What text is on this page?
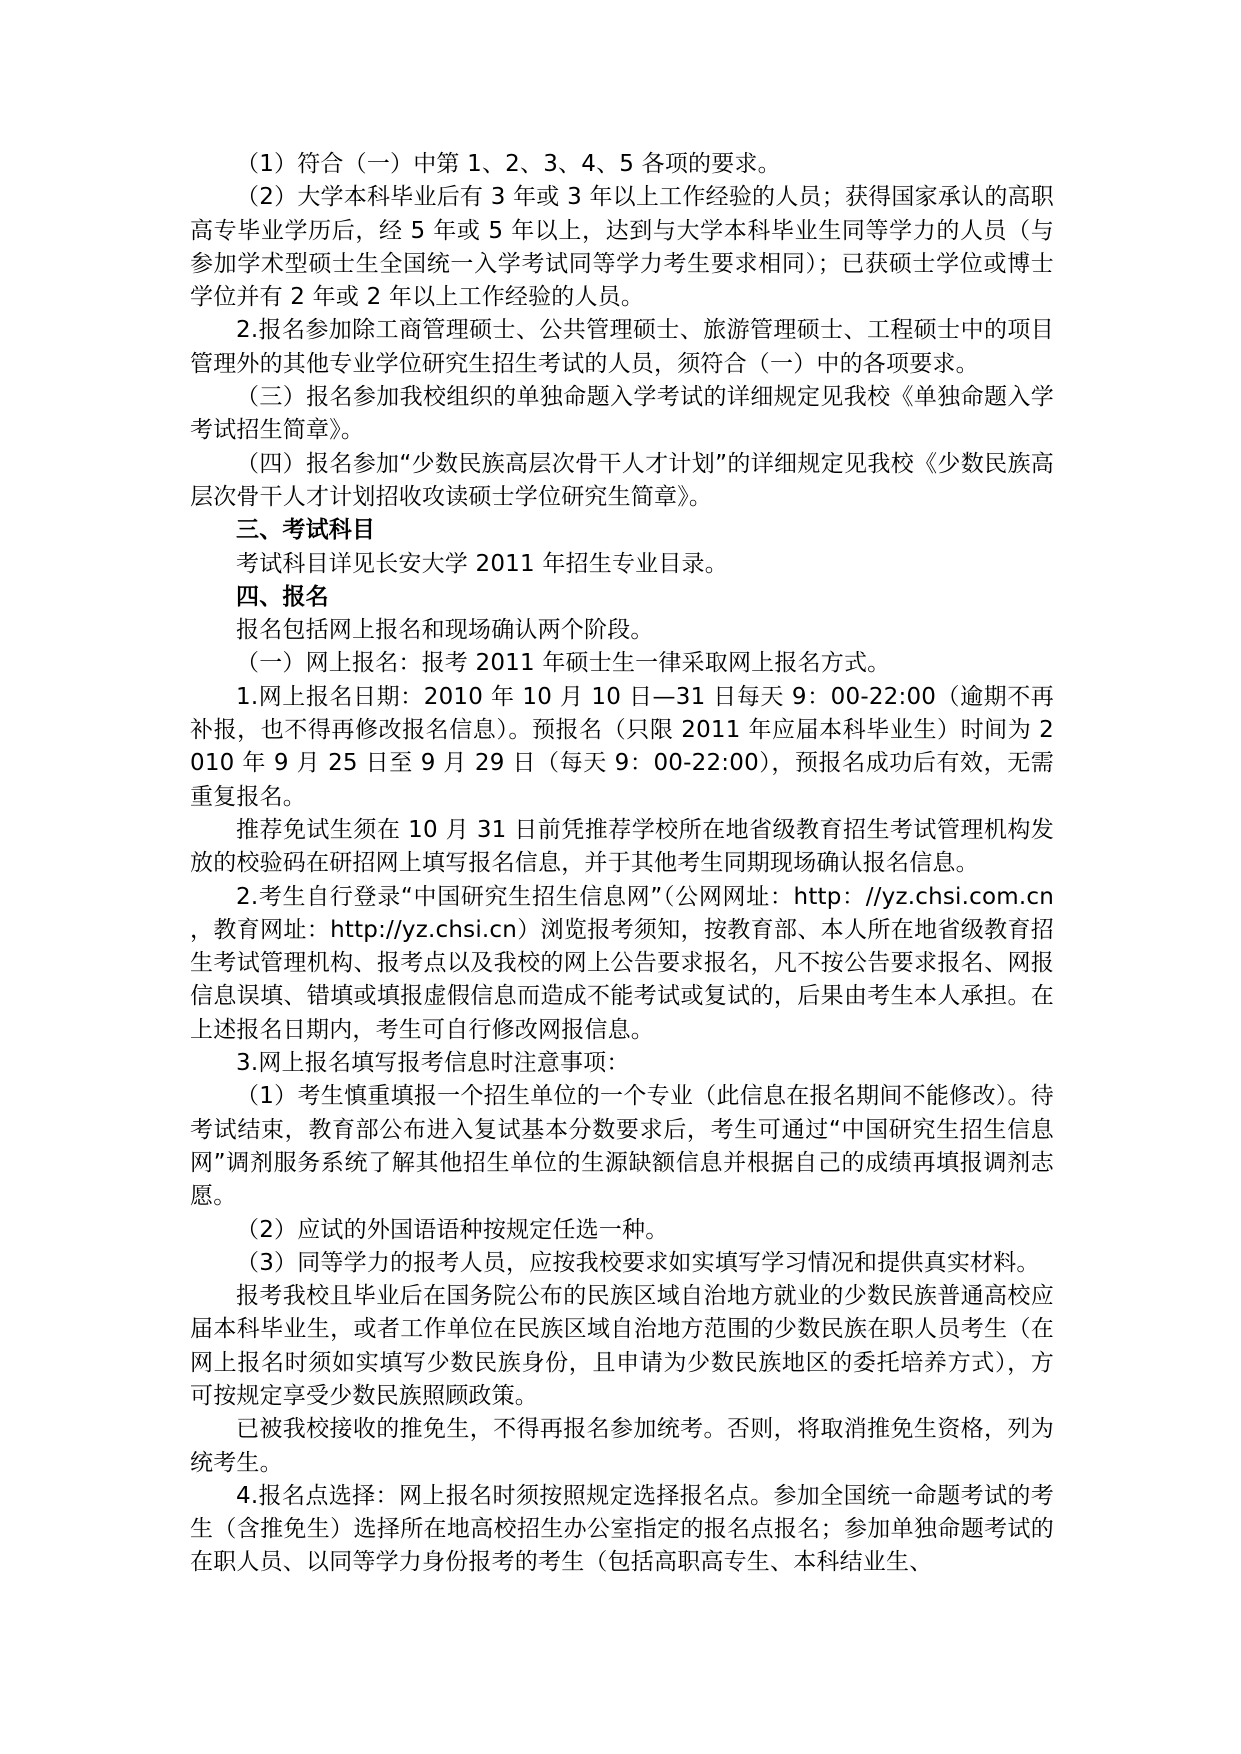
（1）符合（一）中第 1、2、3、4、5 各项的要求。

（2）大学本科毕业后有 3 年或 3 年以上工作经验的人员；获得国家承认的高职高专毕业学历后，经 5 年或 5 年以上，达到与大学本科毕业生同等学力的人员（与参加学术型硕士生全国统一入学考试同等学力考生要求相同）；已获硕士学位或博士学位并有 2 年或 2 年以上工作经验的人员。

2.报名参加除工商管理硕士、公共管理硕士、旅游管理硕士、工程硕士中的项目管理外的其他专业学位研究生招生考试的人员，须符合（一）中的各项要求。

（三）报名参加我校组织的单独命题入学考试的详细规定见我校《单独命题入学考试招生简章》。

（四）报名参加“少数民族高层次骨干人才计划”的详细规定见我校《少数民族高层次骨干人才计划招收攻读硕士学位研究生简章》。

三、考试科目

考试科目详见长安大学 2011 年招生专业目录。

四、报名

报名包括网上报名和现场确认两个阶段。

（一）网上报名：报考 2011 年硕士生一律采取网上报名方式。

1.网上报名日期：2010 年 10 月 10 日—31 日每天 9：00-22:00（逾期不再补报，也不得再修改报名信息）。预报名（只限 2011 年应届本科毕业生）时间为 2010 年 9 月 25 日至 9 月 29 日（每天 9：00-22:00），预报名成功后有效，无需重复报名。

推荐免试生须在 10 月 31 日前凭推荐学校所在地省级教育招生考试管理机构发放的校验码在研招网上填写报名信息，并于其他考生同期现场确认报名信息。

2.考生自行登录“中国研究生招生信息网”（公网网址：http：//yz.chsi.com.cn ，教育网址：http://yz.chsi.cn）浏览报考须知，按教育部、本人所在地省级教育招生考试管理机构、报考点以及我校的网上公告要求报名，凡不按公告要求报名、网报信息误填、错填或填报虚假信息而造成不能考试或复试的，后果由考生本人承担。在上述报名日期内，考生可自行修改网报信息。

3.网上报名填写报考信息时注意事项：

（1）考生慎重填报一个招生单位的一个专业（此信息在报名期间不能修改）。待考试结束，教育部公布进入复试基本分数要求后，考生可通过“中国研究生招生信息网”调剂服务系统了解其他招生单位的生源缺额信息并根据自己的成绩再填报调剂志愿。

（2）应试的外国语语种按规定任选一种。

（3）同等学力的报考人员，应按我校要求如实填写学习情况和提供真实材料。

报考我校且毕业后在国务院公布的民族区域自治地方就业的少数民族普通高校应届本科毕业生，或者工作单位在民族区域自治地方范围的少数民族在职人员考生（在网上报名时须如实填写少数民族身份，且申请为少数民族地区的委托培养方式），方可按规定享受少数民族照顾政策。

已被我校接收的推免生，不得再报名参加统考。否则，将取消推免生资格，列为统考生。

4.报名点选择：网上报名时须按照规定选择报名点。参加全国统一命题考试的考生（含推免生）选择所在地高校招生办公室指定的报名点报名；参加单独命题考试的在职人员、以同等学力身份报考的考生（包括高职高专生、本科结业生、
